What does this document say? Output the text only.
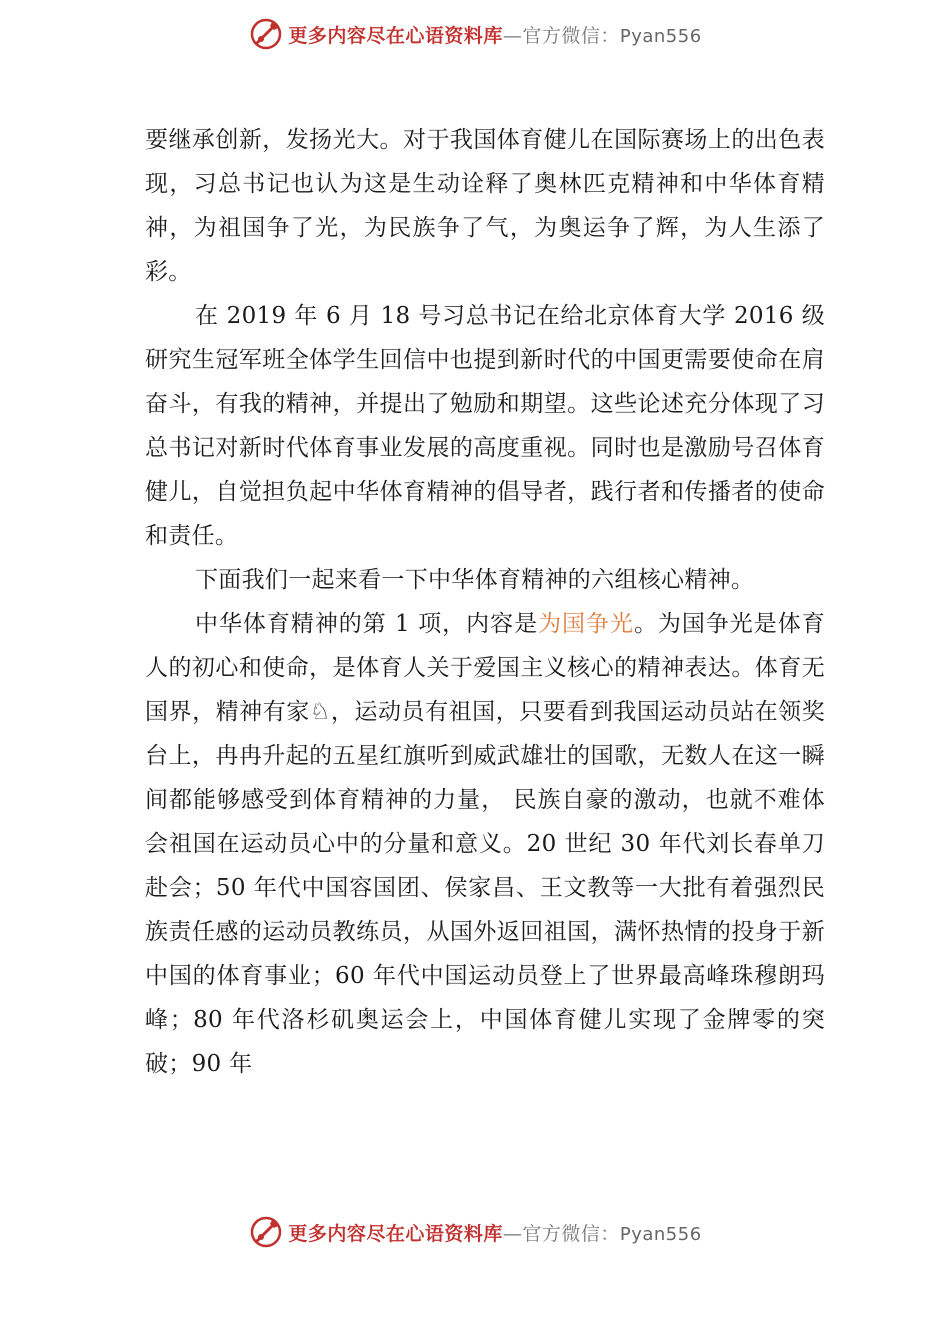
更多内容尽在心语资料库—官方微信：Pyan556

要继承创新，发扬光大。对于我国体育健儿在国际赛场上的出色表现，习总书记也认为这是生动诠释了奥林匹克精神和中华体育精神，为祖国争了光，为民族争了气，为奥运争了辉，为人生添了彩。

在 2019 年 6 月 18 号习总书记在给北京体育大学 2016 级研究生冠军班全体学生回信中也提到新时代的中国更需要使命在肩奋斗，有我的精神，并提出了勉励和期望。这些论述充分体现了习总书记对新时代体育事业发展的高度重视。同时也是激励号召体育健儿，自觉担负起中华体育精神的倡导者，践行者和传播者的使命和责任。

下面我们一起来看一下中华体育精神的六组核心精神。

中华体育精神的第 1 项，内容是为国争光。为国争光是体育人的初心和使命，是体育人关于爱国主义核心的精神表达。体育无国界，精神有家♘，运动员有祖国，只要看到我国运动员站在领奖台上，冉冉升起的五星红旗听到威武雄壮的国歌，无数人在这一瞬间都能够感受到体育精神的力量， 民族自豪的激动，也就不难体会祖国在运动员心中的分量和意义。20 世纪 30 年代刘长春单刀赴会；50 年代中国容国团、侯家昌、王文教等一大批有着强烈民族责任感的运动员教练员，从国外返回祖国，满怀热情的投身于新中国的体育事业；60 年代中国运动员登上了世界最高峰珠穆朗玛峰；80 年代洛杉矶奥运会上，中国体育健儿实现了金牌零的突破；90 年

更多内容尽在心语资料库—官方微信：Pyan556
